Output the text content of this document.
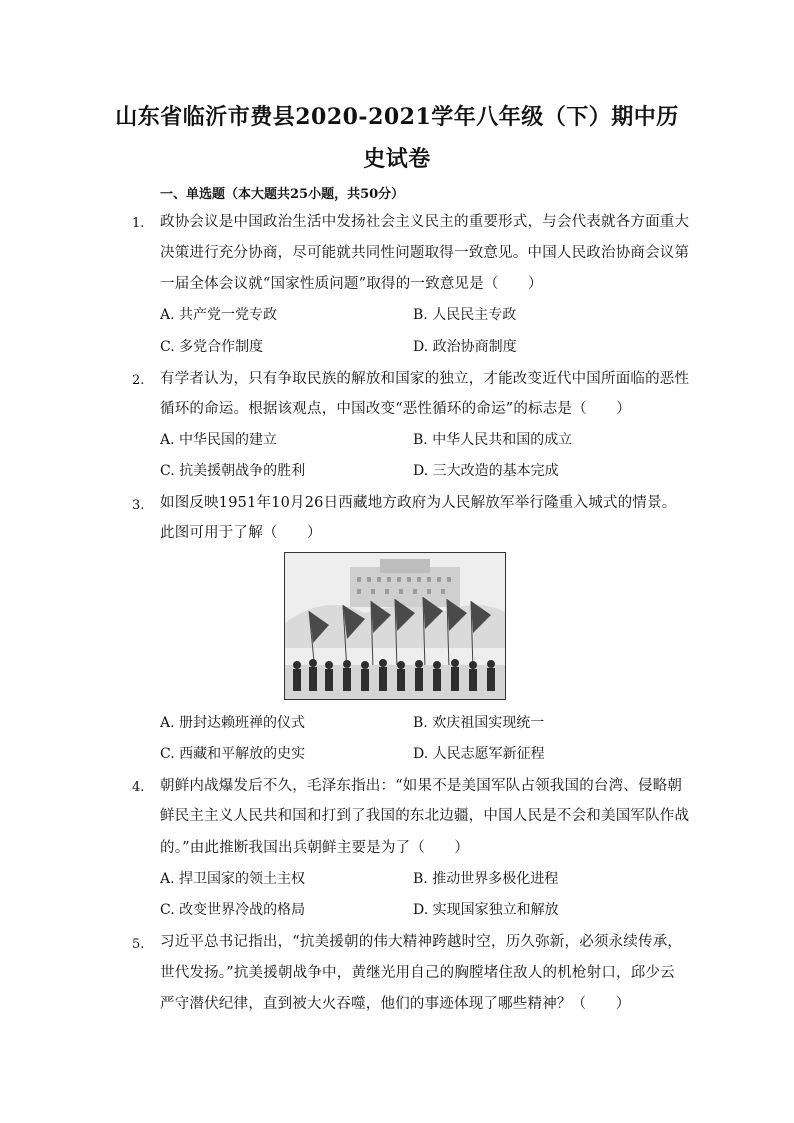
山东省临沂市费县2020-2021学年八年级（下）期中历
史试卷
一、单选题（本大题共25小题，共50分）
1. 政协会议是中国政治生活中发扬社会主义民主的重要形式，与会代表就各方面重大
决策进行充分协商，尽可能就共同性问题取得一致意见。中国人民政治协商会议第
一届全体会议就“国家性质问题”取得的一致意见是（　　）
A. 共产党一党专政	B. 人民民主专政
C. 多党合作制度	D. 政治协商制度
2. 有学者认为，只有争取民族的解放和国家的独立，才能改变近代中国所面临的恶性
循环的命运。根据该观点，中国改变“恶性循环的命运”的标志是（　　）
A. 中华民国的建立	B. 中华人民共和国的成立
C. 抗美援朝战争的胜利	D. 三大改造的基本完成
3. 如图反映1951年10月26日西藏地方政府为人民解放军举行隆重入城式的情景。
此图可用于了解（　　）
A. 册封达赖班禅的仪式	B. 欢庆祖国实现统一
C. 西藏和平解放的史实	D. 人民志愿军新征程
4. 朝鲜内战爆发后不久，毛泽东指出：“如果不是美国军队占领我国的台湾、侵略朝
鲜民主主义人民共和国和打到了我国的东北边疆，中国人民是不会和美国军队作战
的。”由此推断我国出兵朝鲜主要是为了（　　）
A. 捍卫国家的领土主权	B. 推动世界多极化进程
C. 改变世界冷战的格局	D. 实现国家独立和解放
5. 习近平总书记指出，“抗美援朝的伟大精神跨越时空，历久弥新，必须永续传承，
世代发扬。”抗美援朝战争中，黄继光用自己的胸膛堵住敌人的机枪射口，邱少云
严守潜伏纪律，直到被大火吞噬，他们的事迹体现了哪些精神？（　　）
